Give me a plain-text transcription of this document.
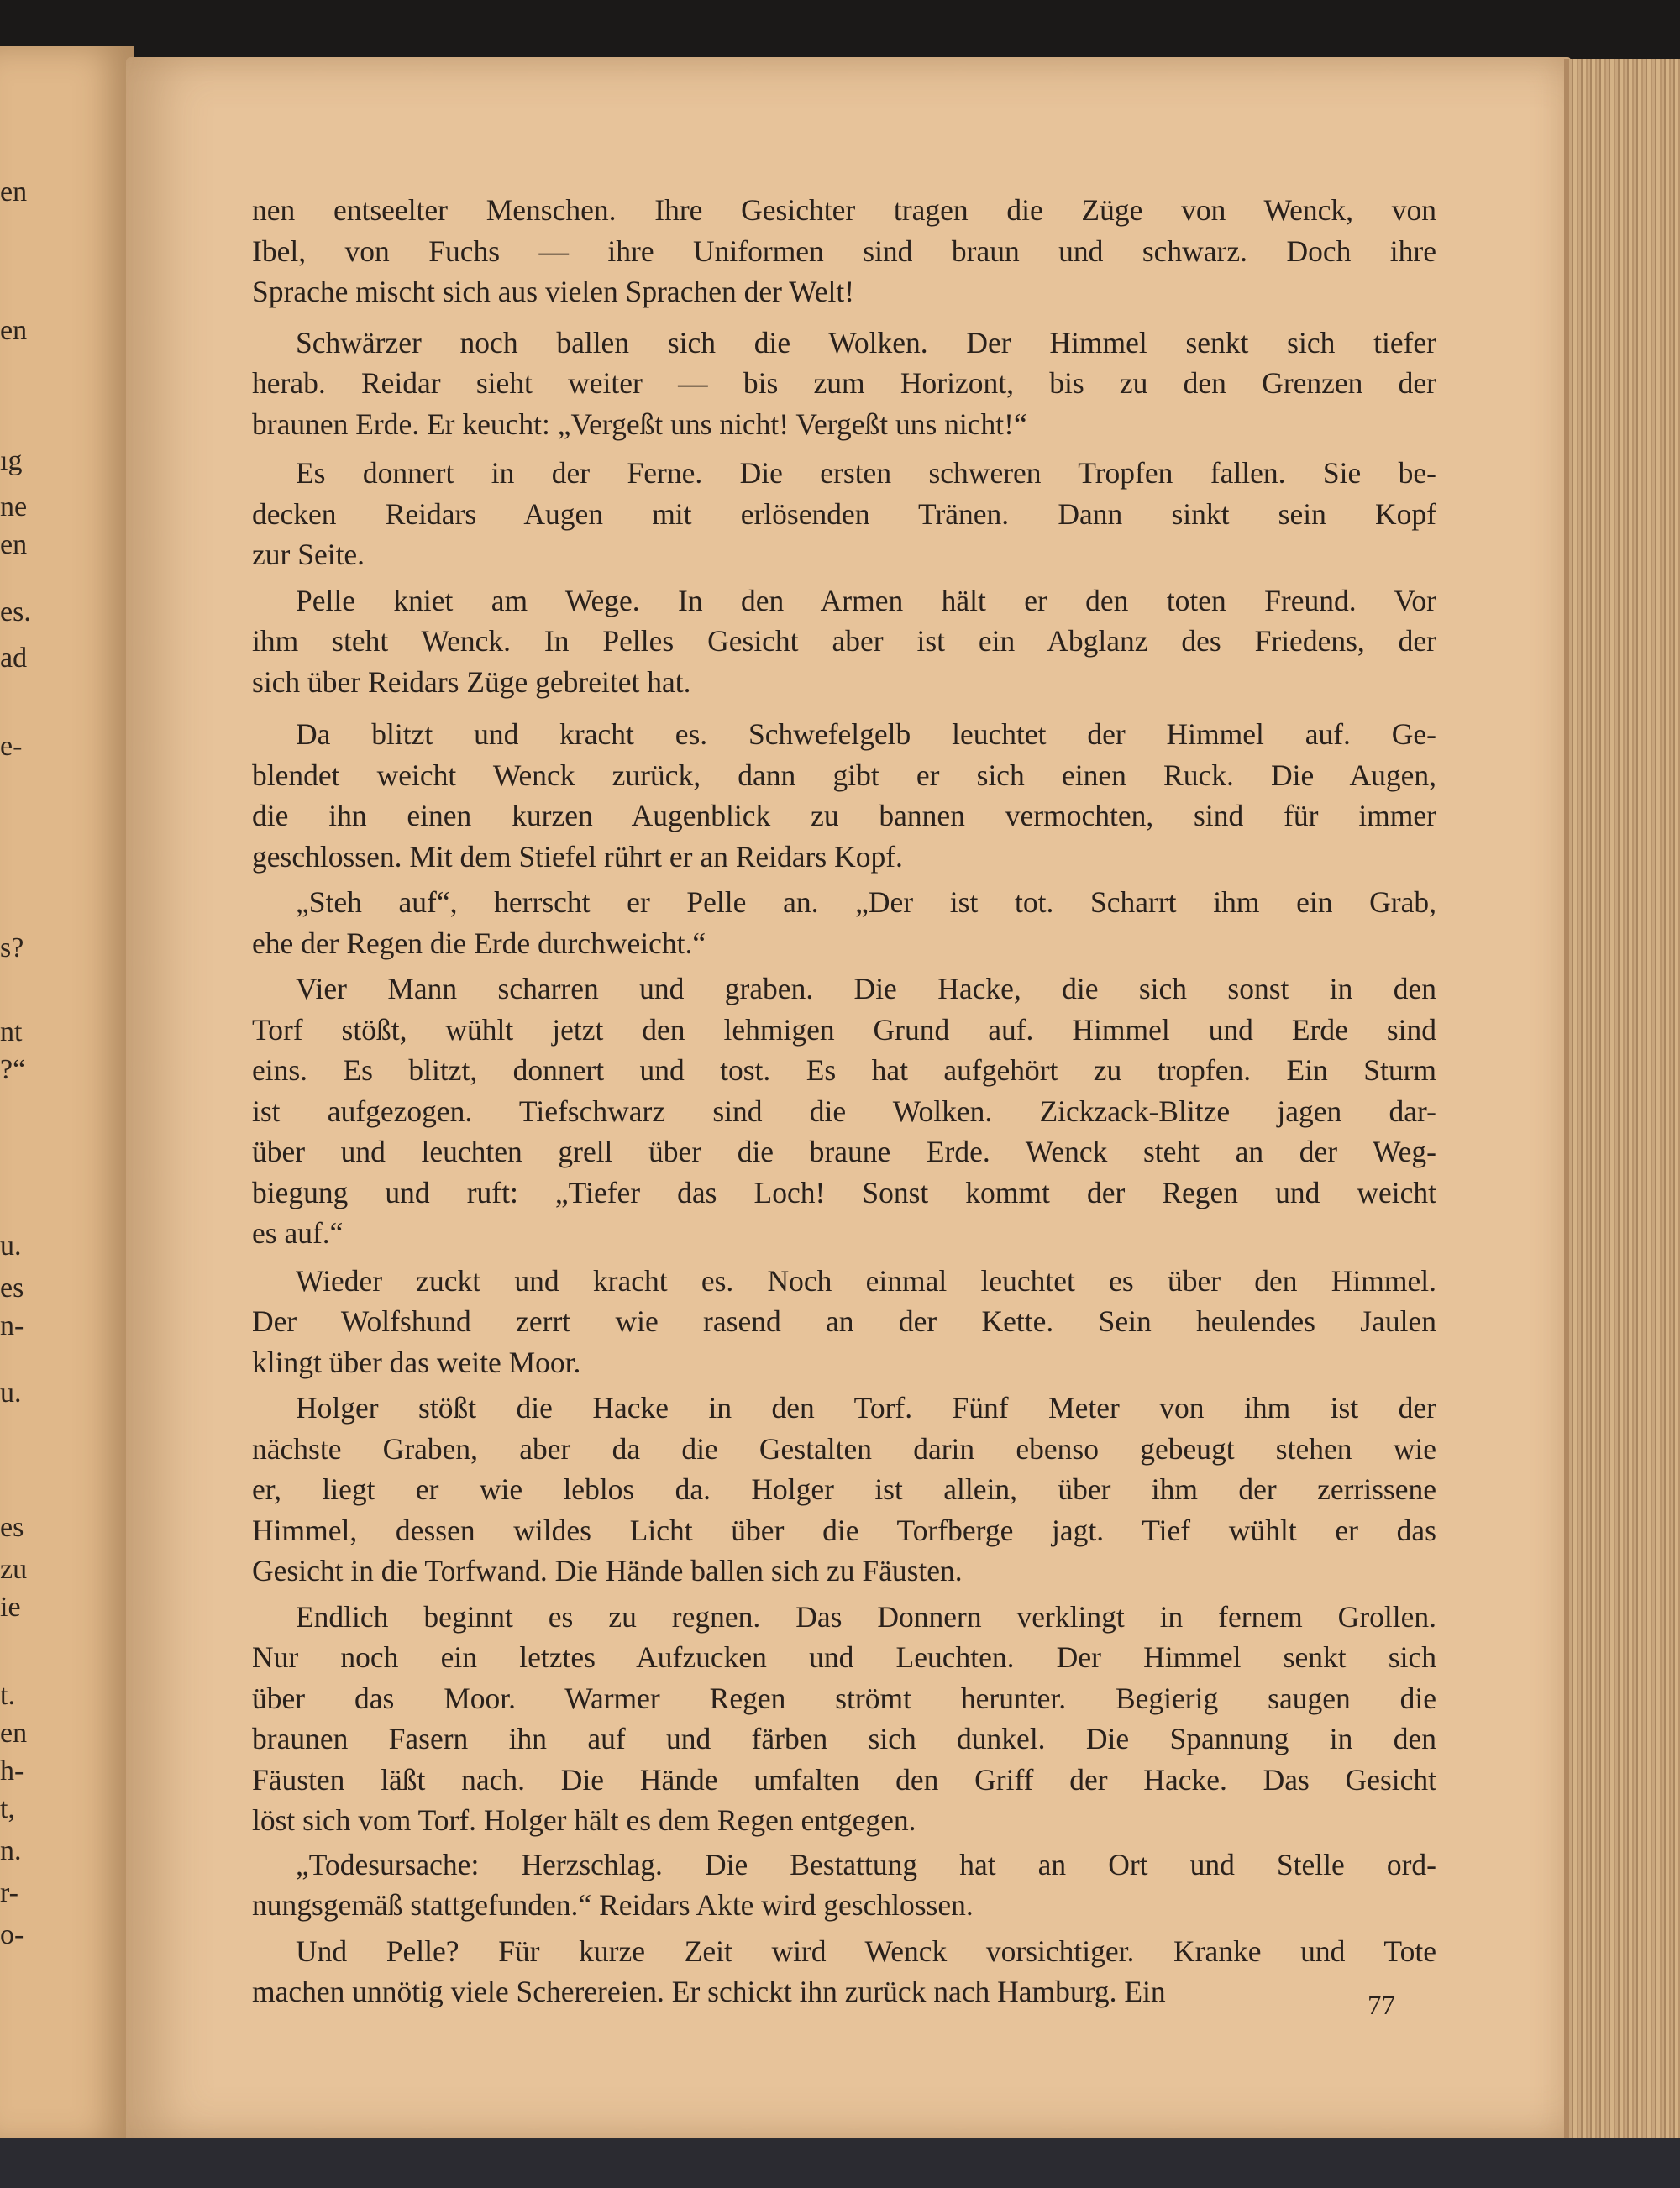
en
en
ıg
ne
en
es.
ad
e-
s?
nt
?“
u.
es
n-
u.
es
zu
ie
t.
en
h-
t,
n.
r-
o-
nen entseelter Menschen. Ihre Gesichter tragen die Züge von Wenck, von
Ibel, von Fuchs — ihre Uniformen sind braun und schwarz. Doch ihre
Sprache mischt sich aus vielen Sprachen der Welt!
Schwärzer noch ballen sich die Wolken. Der Himmel senkt sich tiefer
herab. Reidar sieht weiter — bis zum Horizont, bis zu den Grenzen der
braunen Erde. Er keucht: „Vergeßt uns nicht! Vergeßt uns nicht!“
Es donnert in der Ferne. Die ersten schweren Tropfen fallen. Sie be-
decken Reidars Augen mit erlösenden Tränen. Dann sinkt sein Kopf
zur Seite.
Pelle kniet am Wege. In den Armen hält er den toten Freund. Vor
ihm steht Wenck. In Pelles Gesicht aber ist ein Abglanz des Friedens, der
sich über Reidars Züge gebreitet hat.
Da blitzt und kracht es. Schwefelgelb leuchtet der Himmel auf. Ge-
blendet weicht Wenck zurück, dann gibt er sich einen Ruck. Die Augen,
die ihn einen kurzen Augenblick zu bannen vermochten, sind für immer
geschlossen. Mit dem Stiefel rührt er an Reidars Kopf.
„Steh auf“, herrscht er Pelle an. „Der ist tot. Scharrt ihm ein Grab,
ehe der Regen die Erde durchweicht.“
Vier Mann scharren und graben. Die Hacke, die sich sonst in den
Torf stößt, wühlt jetzt den lehmigen Grund auf. Himmel und Erde sind
eins. Es blitzt, donnert und tost. Es hat aufgehört zu tropfen. Ein Sturm
ist aufgezogen. Tiefschwarz sind die Wolken. Zickzack-Blitze jagen dar-
über und leuchten grell über die braune Erde. Wenck steht an der Weg-
biegung und ruft: „Tiefer das Loch! Sonst kommt der Regen und weicht
es auf.“
Wieder zuckt und kracht es. Noch einmal leuchtet es über den Himmel.
Der Wolfshund zerrt wie rasend an der Kette. Sein heulendes Jaulen
klingt über das weite Moor.
Holger stößt die Hacke in den Torf. Fünf Meter von ihm ist der
nächste Graben, aber da die Gestalten darin ebenso gebeugt stehen wie
er, liegt er wie leblos da. Holger ist allein, über ihm der zerrissene
Himmel, dessen wildes Licht über die Torfberge jagt. Tief wühlt er das
Gesicht in die Torfwand. Die Hände ballen sich zu Fäusten.
Endlich beginnt es zu regnen. Das Donnern verklingt in fernem Grollen.
Nur noch ein letztes Aufzucken und Leuchten. Der Himmel senkt sich
über das Moor. Warmer Regen strömt herunter. Begierig saugen die
braunen Fasern ihn auf und färben sich dunkel. Die Spannung in den
Fäusten läßt nach. Die Hände umfalten den Griff der Hacke. Das Gesicht
löst sich vom Torf. Holger hält es dem Regen entgegen.
„Todesursache: Herzschlag. Die Bestattung hat an Ort und Stelle ord-
nungsgemäß stattgefunden.“ Reidars Akte wird geschlossen.
Und Pelle? Für kurze Zeit wird Wenck vorsichtiger. Kranke und Tote
machen unnötig viele Scherereien. Er schickt ihn zurück nach Hamburg. Ein	77
